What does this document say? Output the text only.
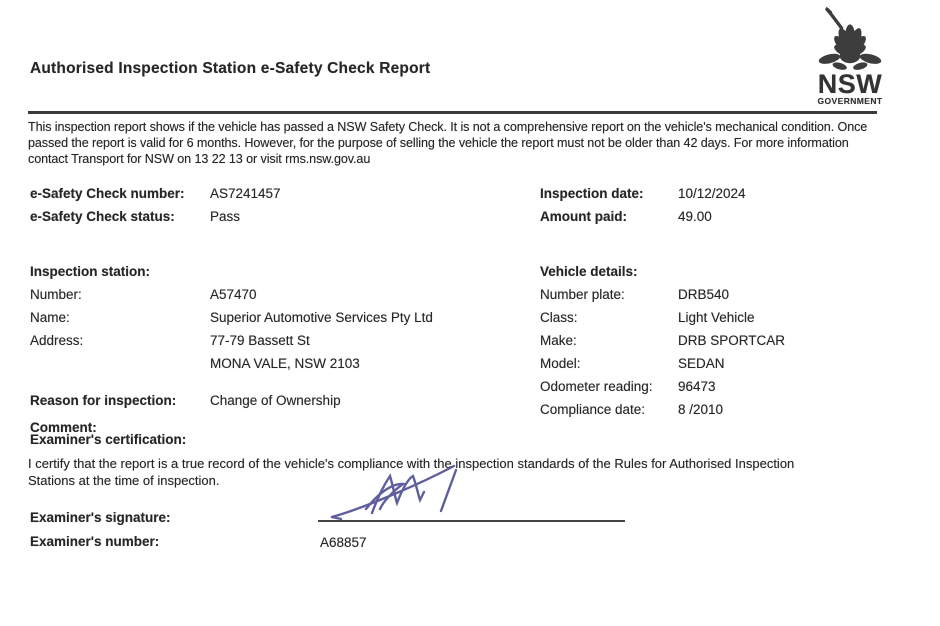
Authorised Inspection Station e-Safety Check Report
NSW
GOVERNMENT
This inspection report shows if the vehicle has passed a NSW Safety Check. It is not a comprehensive report on the vehicle's mechanical condition. Once
passed the report is valid for 6 months. However, for the purpose of selling the vehicle the report must not be older than 42 days. For more information
contact Transport for NSW on 13 22 13 or visit rms.nsw.gov.au
e-Safety Check number:	AS7241457
e-Safety Check status:	Pass
Inspection station:
Number:	A57470
Name:	Superior Automotive Services Pty Ltd
Address:	77-79 Bassett St
MONA VALE, NSW 2103
Reason for inspection:	Change of Ownership
Comment:
Inspection date:	10/12/2024
Amount paid:	49.00
Vehicle details:
Number plate:	DRB540
Class:	Light Vehicle
Make:	DRB SPORTCAR
Model:	SEDAN
Odometer reading:	96473
Compliance date:	8 /2010
Examiner's certification:
I certify that the report is a true record of the vehicle's compliance with the inspection standards of the Rules for Authorised Inspection
Stations at the time of inspection.
Examiner's signature:
Examiner's number:	A68857
